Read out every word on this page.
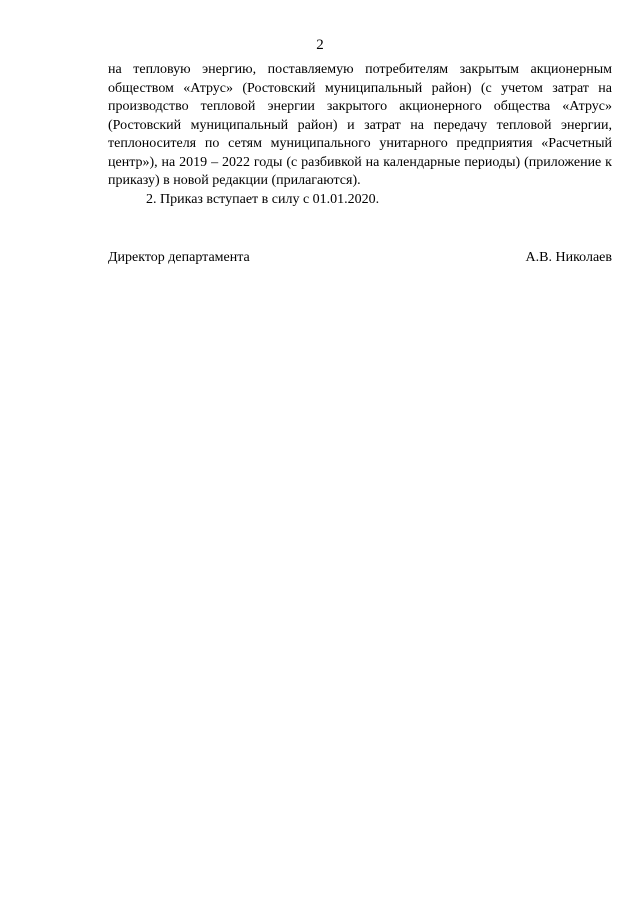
2

на тепловую энергию, поставляемую потребителям закрытым акционерным обществом «Атрус» (Ростовский муниципальный район) (с учетом затрат на производство тепловой энергии закрытого акционерного общества «Атрус» (Ростовский муниципальный район) и затрат на передачу тепловой энергии, теплоносителя по сетям муниципального унитарного предприятия «Расчетный центр»), на 2019 – 2022 годы (с разбивкой на календарные периоды) (приложение к приказу) в новой редакции (прилагаются).

2. Приказ вступает в силу с 01.01.2020.

Директор департамента	А.В. Николаев
